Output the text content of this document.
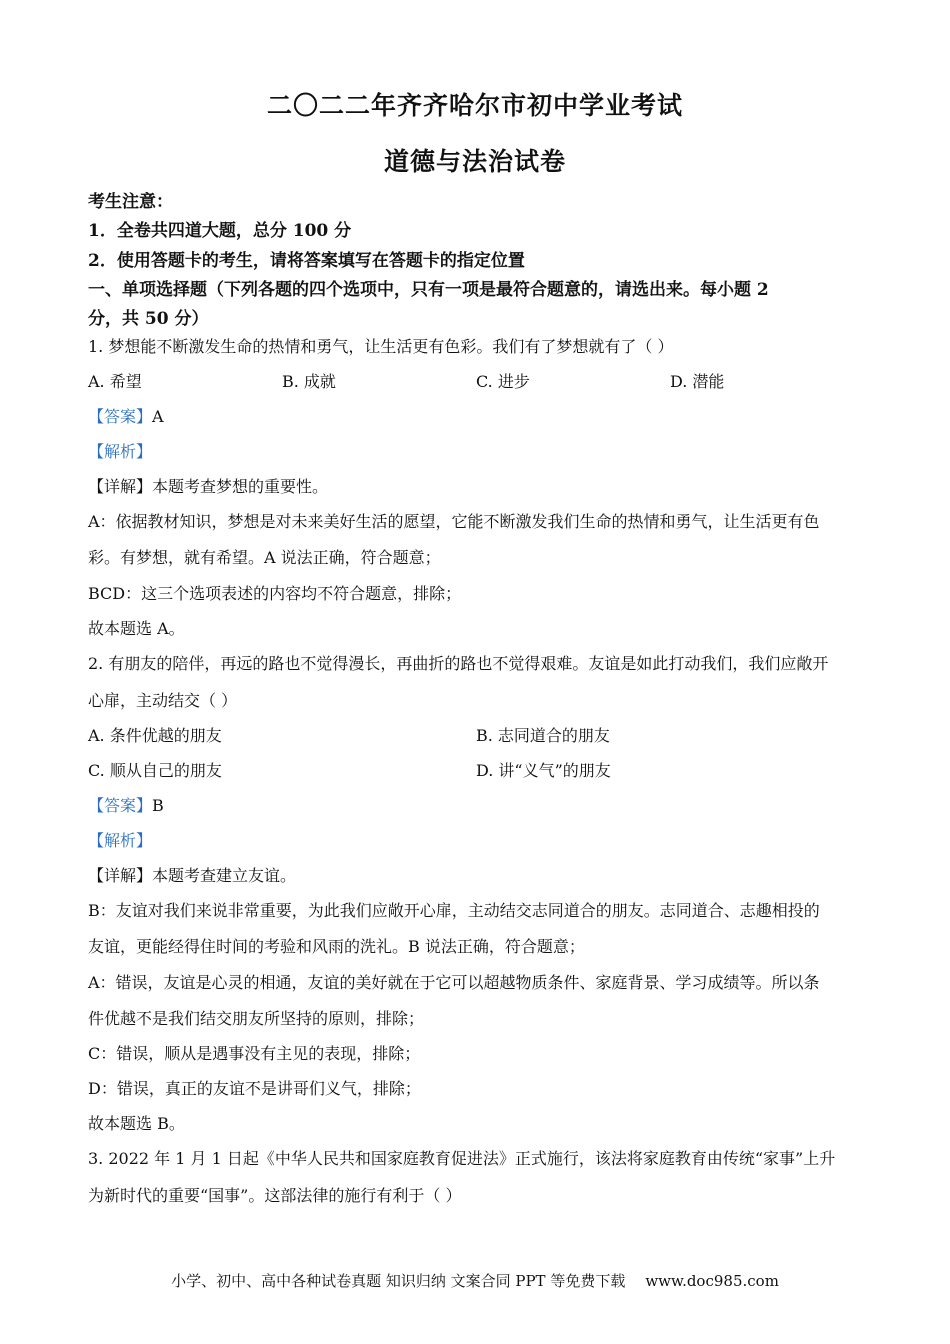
二〇二二年齐齐哈尔市初中学业考试
道德与法治试卷
考生注意：
1．全卷共四道大题，总分 100 分
2．使用答题卡的考生，请将答案填写在答题卡的指定位置
一、单项选择题（下列各题的四个选项中，只有一项是最符合题意的，请选出来。每小题 2
分，共 50 分）
1. 梦想能不断激发生命的热情和勇气，让生活更有色彩。我们有了梦想就有了（ ）
A. 希望	B. 成就	C. 进步	D. 潜能
【答案】A
【解析】
【详解】本题考查梦想的重要性。
A：依据教材知识，梦想是对未来美好生活的愿望，它能不断激发我们生命的热情和勇气，让生活更有色
彩。有梦想，就有希望。A 说法正确，符合题意；
BCD：这三个选项表述的内容均不符合题意，排除；
故本题选 A。
2. 有朋友的陪伴，再远的路也不觉得漫长，再曲折的路也不觉得艰难。友谊是如此打动我们，我们应敞开
心扉，主动结交（ ）
A. 条件优越的朋友	B. 志同道合的朋友
C. 顺从自己的朋友	D. 讲“义气”的朋友
【答案】B
【解析】
【详解】本题考查建立友谊。
B：友谊对我们来说非常重要，为此我们应敞开心扉，主动结交志同道合的朋友。志同道合、志趣相投的
友谊，更能经得住时间的考验和风雨的洗礼。B 说法正确，符合题意；
A：错误，友谊是心灵的相通，友谊的美好就在于它可以超越物质条件、家庭背景、学习成绩等。所以条
件优越不是我们结交朋友所坚持的原则，排除；
C：错误，顺从是遇事没有主见的表现，排除；
D：错误，真正的友谊不是讲哥们义气，排除；
故本题选 B。
3. 2022 年 1 月 1 日起《中华人民共和国家庭教育促进法》正式施行，该法将家庭教育由传统“家事”上升
为新时代的重要“国事”。这部法律的施行有利于（ ）
小学、初中、高中各种试卷真题 知识归纳 文案合同 PPT 等免费下载 www.doc985.com
